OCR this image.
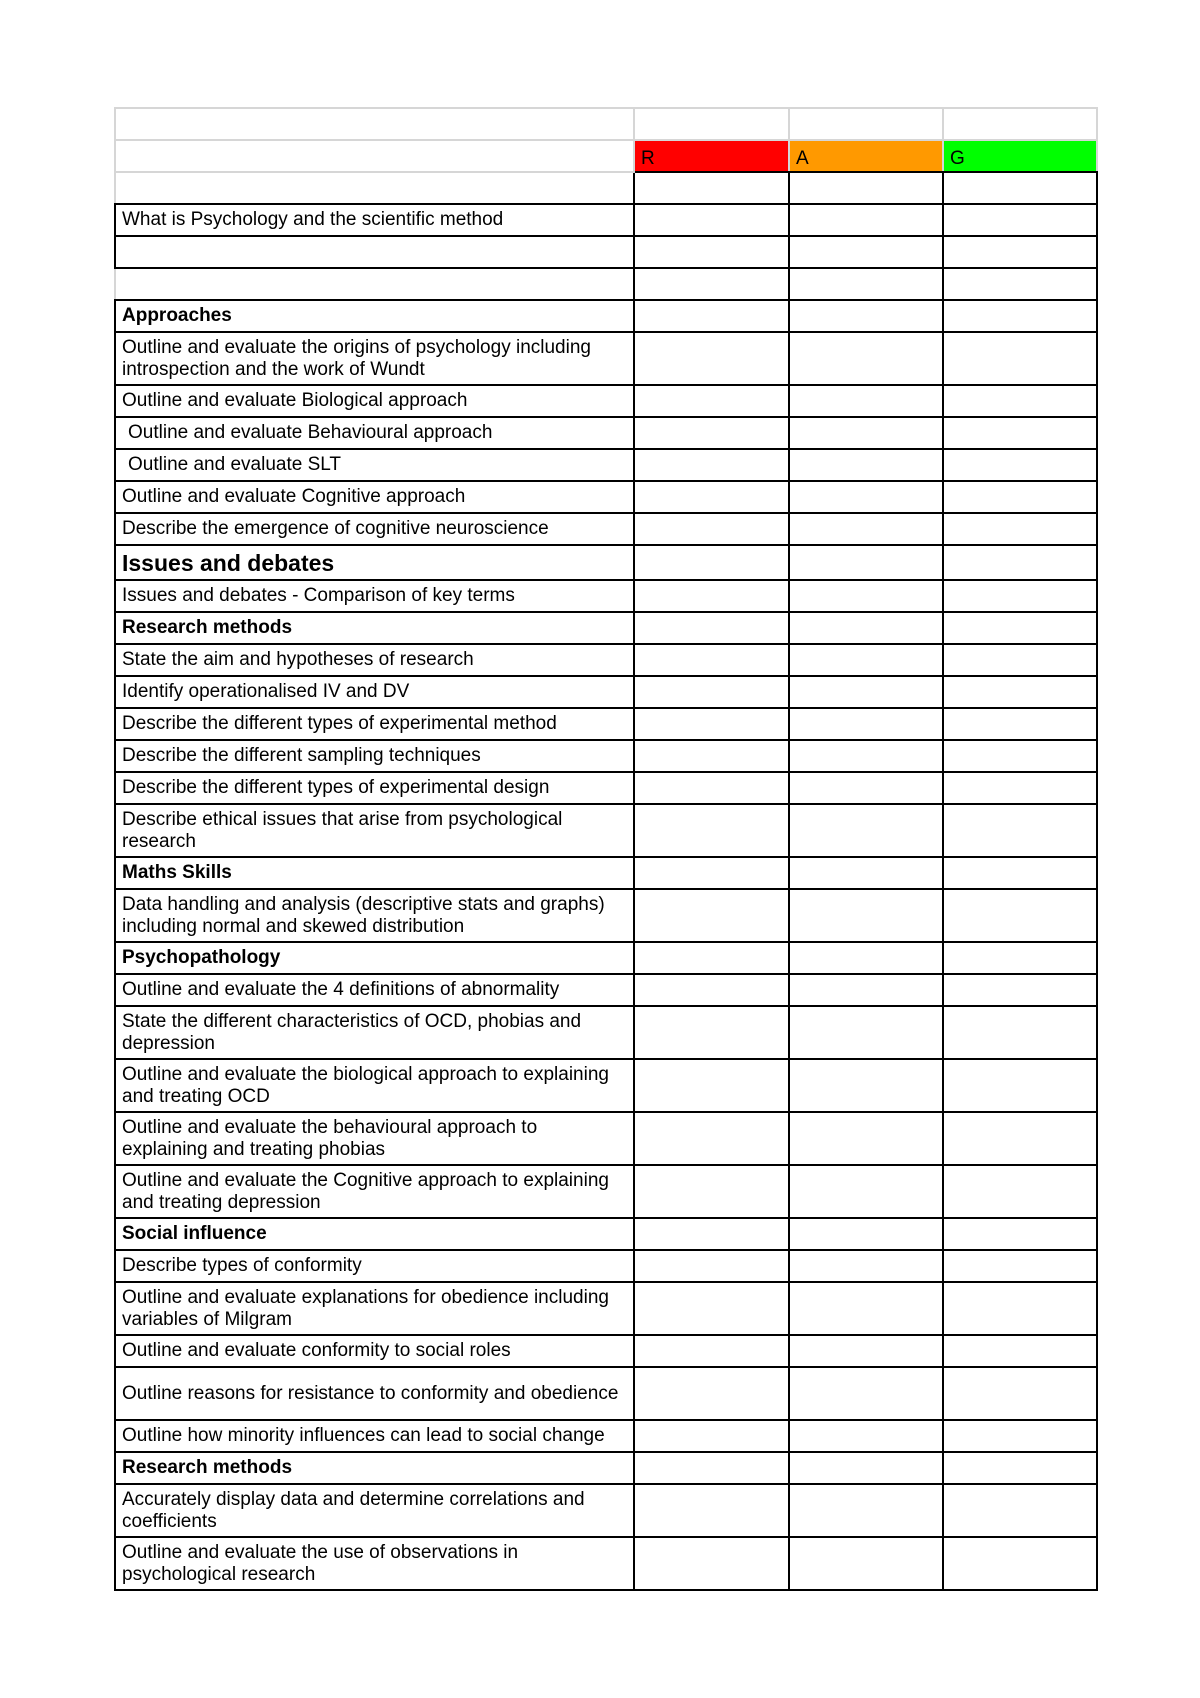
	R	A	G

What is Psychology and the scientific method			

Approaches			
Outline and evaluate the origins of psychology including introspection and the work of Wundt			
Outline and evaluate Biological approach			
Outline and evaluate Behavioural approach			
Outline and evaluate SLT			
Outline and evaluate Cognitive approach			
Describe the emergence of cognitive neuroscience			
Issues and debates			
Issues and debates - Comparison of key terms			
Research methods			
State the aim and hypotheses of research			
Identify operationalised IV and DV			
Describe the different types of experimental method			
Describe the different sampling techniques			
Describe the different types of experimental design			
Describe ethical issues that arise from psychological research			
Maths Skills			
Data handling and analysis (descriptive stats and graphs) including normal and skewed distribution			
Psychopathology			
Outline and evaluate the 4 definitions of abnormality			
State the different characteristics of OCD, phobias and depression			
Outline and evaluate the biological approach to explaining and treating OCD			
Outline and evaluate the behavioural approach to explaining and treating phobias			
Outline and evaluate the Cognitive approach to explaining and treating depression			
Social influence			
Describe types of conformity			
Outline and evaluate explanations for obedience including variables of Milgram			
Outline and evaluate conformity to social roles			
Outline reasons for resistance to conformity and obedience			
Outline how minority influences can lead to social change			
Research methods			
Accurately display data and determine correlations and coefficients			
Outline and evaluate the use of observations in psychological research			
